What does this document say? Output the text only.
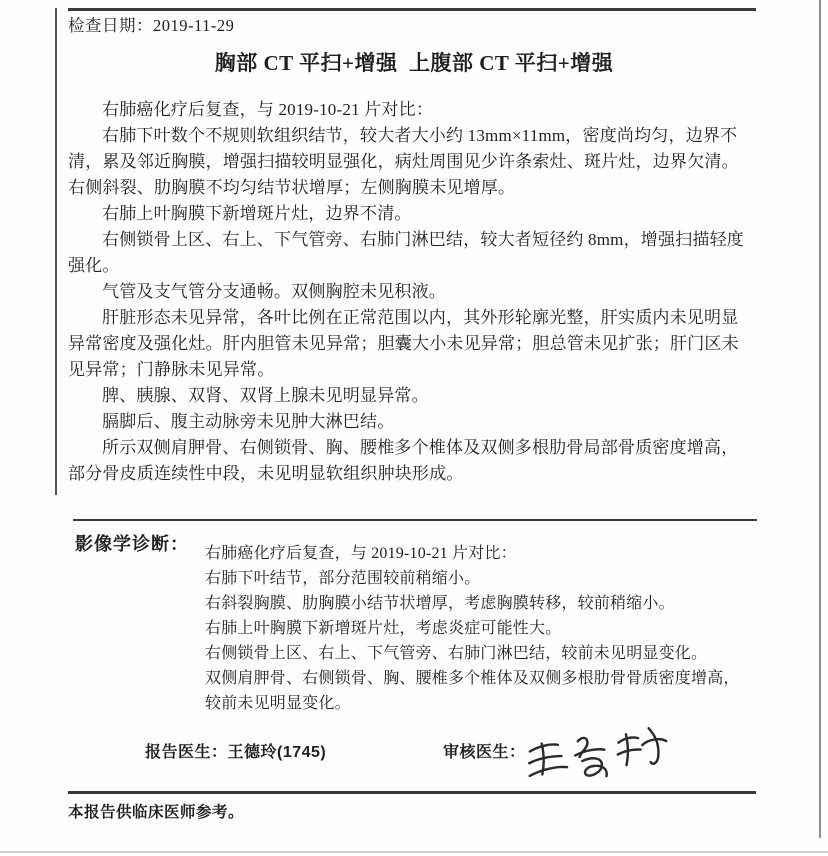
检查日期：2019-11-29
胸部 CT 平扫+增强  上腹部 CT 平扫+增强
右肺癌化疗后复查，与 2019-10-21 片对比：
右肺下叶数个不规则软组织结节，较大者大小约 13mm×11mm，密度尚均匀，边界不
清，累及邻近胸膜，增强扫描较明显强化，病灶周围见少许条索灶、斑片灶，边界欠清。
右侧斜裂、肋胸膜不均匀结节状增厚；左侧胸膜未见增厚。
右肺上叶胸膜下新增斑片灶，边界不清。
右侧锁骨上区、右上、下气管旁、右肺门淋巴结，较大者短径约 8mm，增强扫描轻度
强化。
气管及支气管分支通畅。双侧胸腔未见积液。
肝脏形态未见异常，各叶比例在正常范围以内，其外形轮廓光整，肝实质内未见明显
异常密度及强化灶。肝内胆管未见异常；胆囊大小未见异常；胆总管未见扩张；肝门区未
见异常；门静脉未见异常。
脾、胰腺、双肾、双肾上腺未见明显异常。
膈脚后、腹主动脉旁未见肿大淋巴结。
所示双侧肩胛骨、右侧锁骨、胸、腰椎多个椎体及双侧多根肋骨局部骨质密度增高，
部分骨皮质连续性中段，未见明显软组织肿块形成。
影像学诊断： 右肺癌化疗后复查，与 2019-10-21 片对比：
右肺下叶结节，部分范围较前稍缩小。
右斜裂胸膜、肋胸膜小结节状增厚，考虑胸膜转移，较前稍缩小。
右肺上叶胸膜下新增斑片灶，考虑炎症可能性大。
右侧锁骨上区、右上、下气管旁、右肺门淋巴结，较前未见明显变化。
双侧肩胛骨、右侧锁骨、胸、腰椎多个椎体及双侧多根肋骨骨质密度增高，
较前未见明显变化。
报告医生：王德玲(1745)	审核医生：
本报告供临床医师参考。
